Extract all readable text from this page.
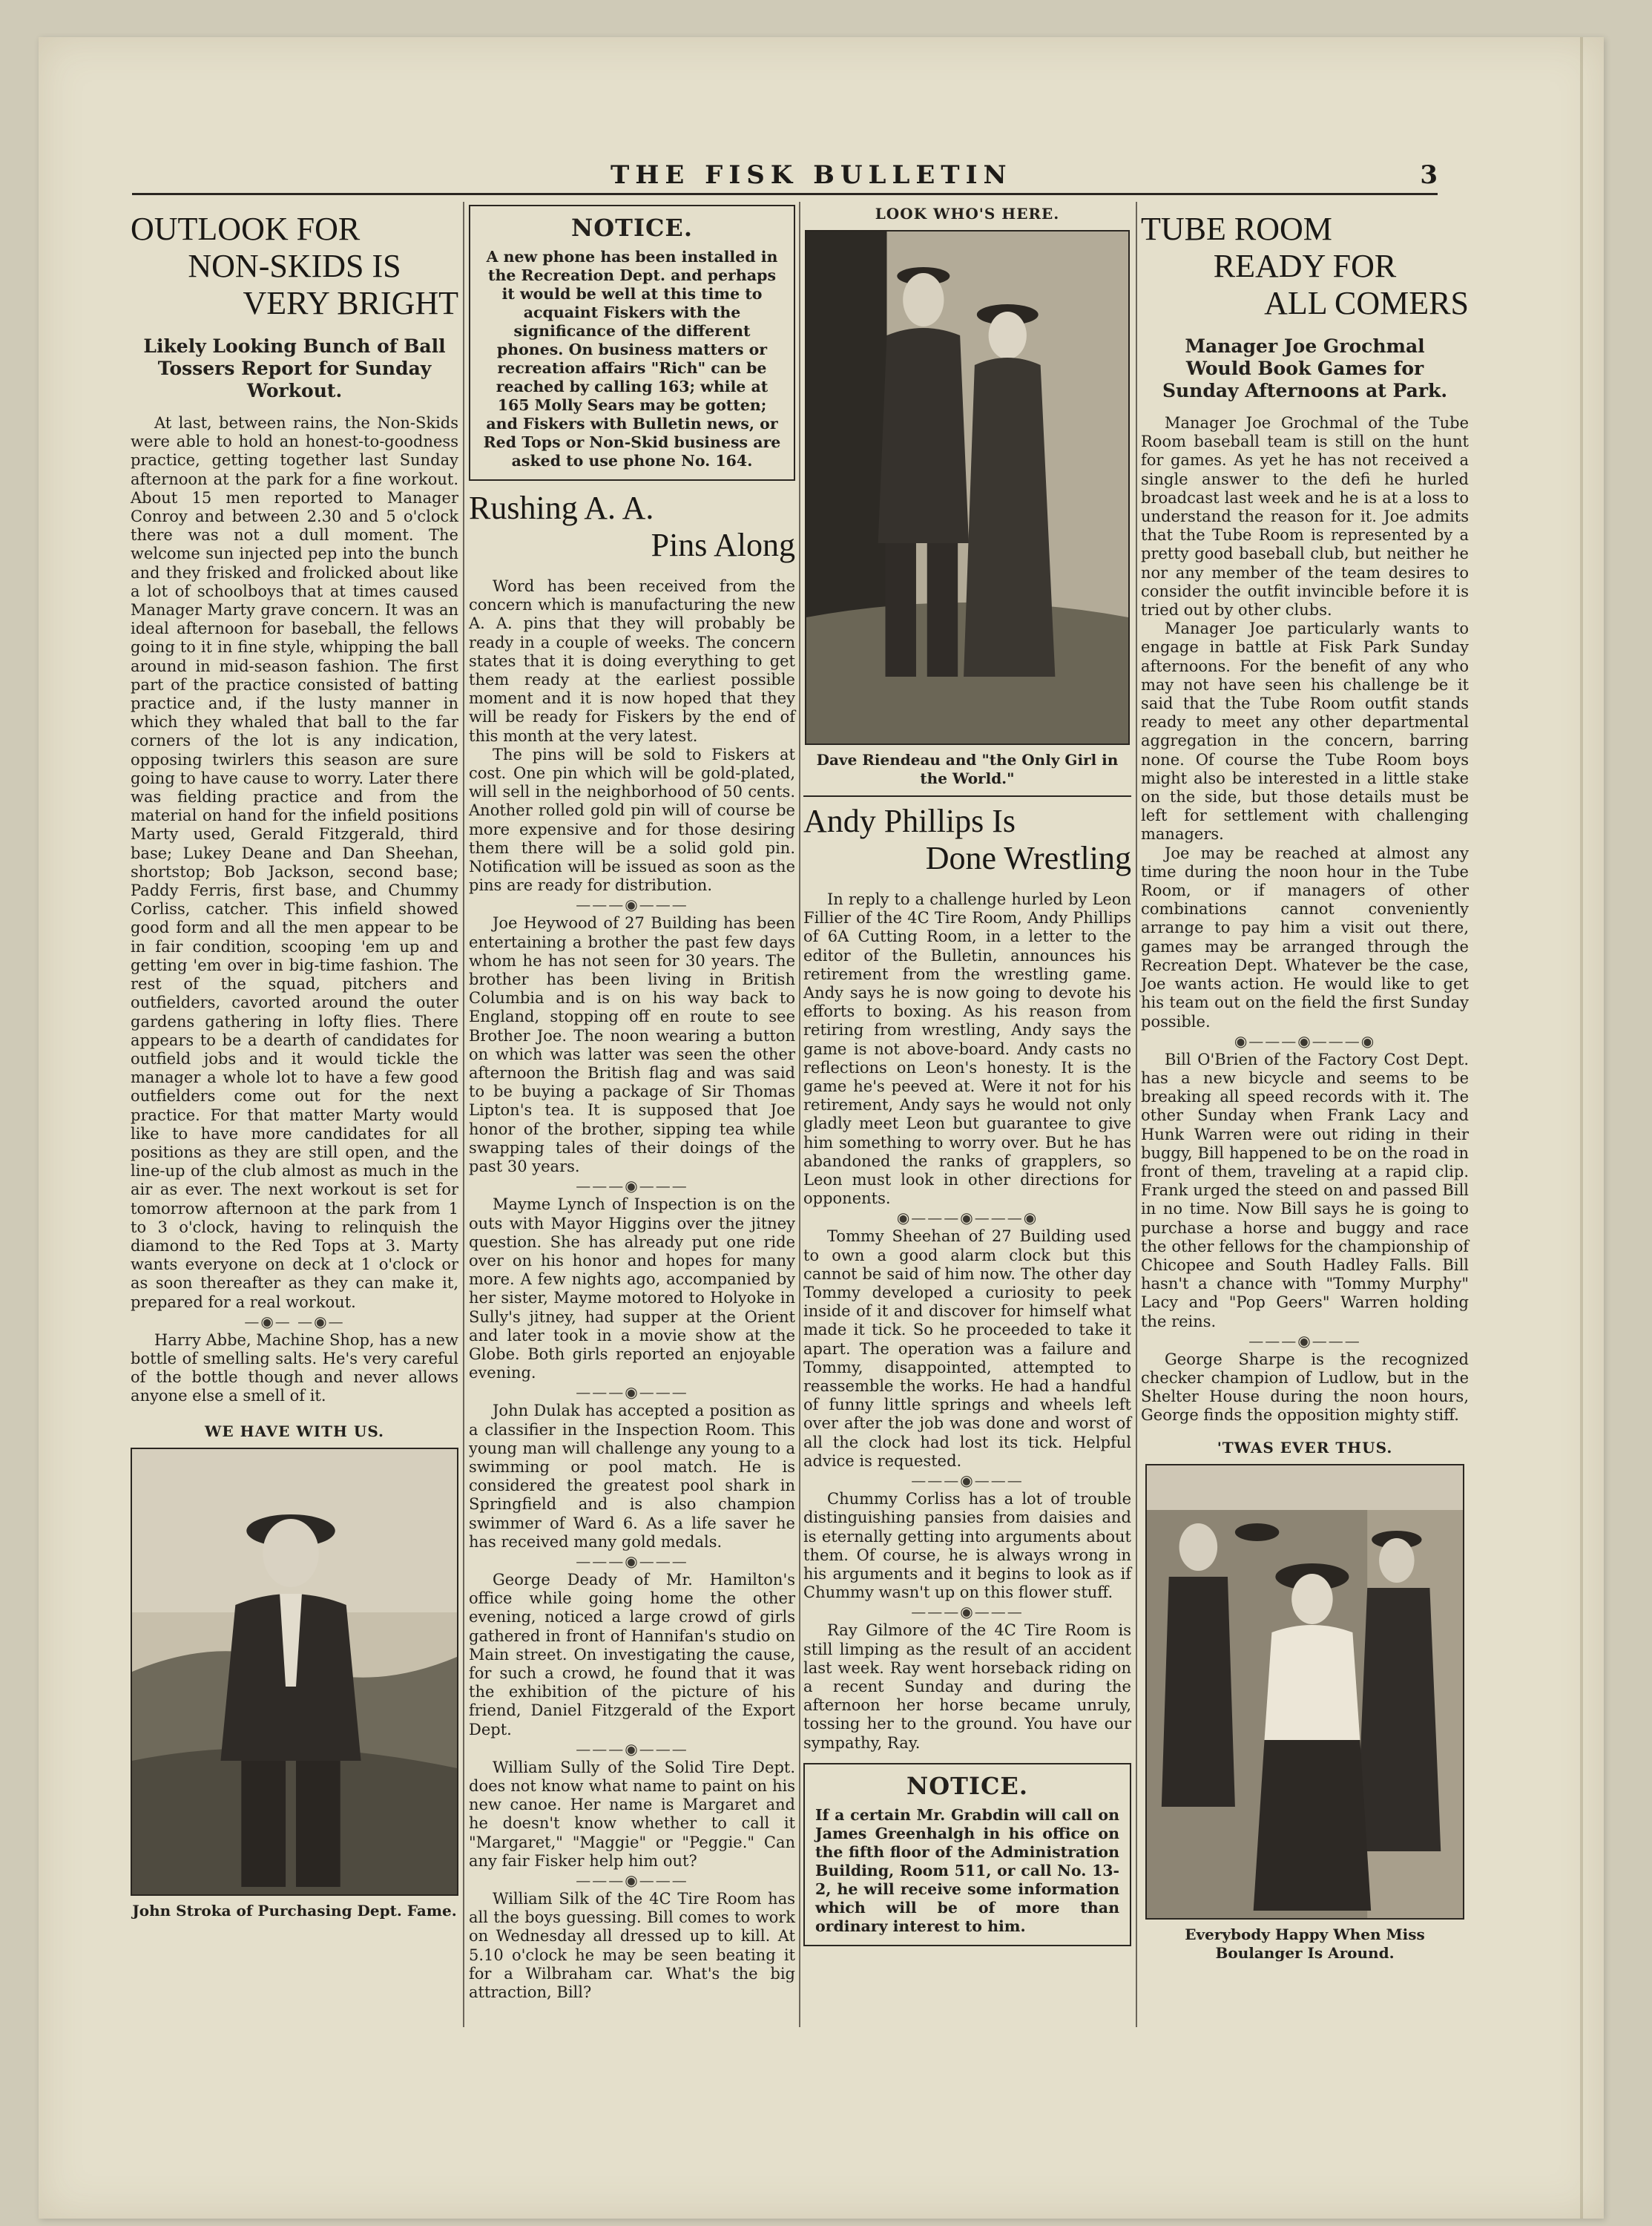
THE FISK BULLETIN	3
OUTLOOK FOR
NON-SKIDS IS
VERY BRIGHT
Likely Looking Bunch of Ball Tossers Report for Sunday Workout.

At last, between rains, the Non-Skids were able to hold an honest-to-goodness practice, getting together last Sunday afternoon at the park for a fine workout. About 15 men reported to Manager Conroy and between 2.30 and 5 o'clock there was not a dull moment. The welcome sun injected pep into the bunch and they frisked and frolicked about like a lot of schoolboys that at times caused Manager Marty grave concern. It was an ideal afternoon for baseball, the fellows going to it in fine style, whipping the ball around in mid-season fashion. The first part of the practice consisted of batting practice and, if the lusty manner in which they whaled that ball to the far corners of the lot is any indication, opposing twirlers this season are sure going to have cause to worry. Later there was fielding practice and from the material on hand for the infield positions Marty used, Gerald Fitzgerald, third base; Lukey Deane and Dan Sheehan, shortstop; Bob Jackson, second base; Paddy Ferris, first base, and Chummy Corliss, catcher. This infield showed good form and all the men appear to be in fair condition, scooping 'em up and getting 'em over in big-time fashion. The rest of the squad, pitchers and outfielders, cavorted around the outer gardens gathering in lofty flies. There appears to be a dearth of candidates for outfield jobs and it would tickle the manager a whole lot to have a few good outfielders come out for the next practice. For that matter Marty would like to have more candidates for all positions as they are still open, and the line-up of the club almost as much in the air as ever. The next workout is set for tomorrow afternoon at the park from 1 to 3 o'clock, having to relinquish the diamond to the Red Tops at 3. Marty wants everyone on deck at 1 o'clock or as soon thereafter as they can make it, prepared for a real workout.

—◉— —◉—

Harry Abbe, Machine Shop, has a new bottle of smelling salts. He's very careful of the bottle though and never allows anyone else a smell of it.

WE HAVE WITH US.
John Stroka of Purchasing Dept. Fame.
NOTICE.
A new phone has been installed in the Recreation Dept. and perhaps it would be well at this time to acquaint Fiskers with the significance of the different phones. On business matters or recreation affairs "Rich" can be reached by calling 163; while at 165 Molly Sears may be gotten; and Fiskers with Bulletin news, or Red Tops or Non-Skid business are asked to use phone No. 164.
Rushing A. A.
Pins Along

Word has been received from the concern which is manufacturing the new A. A. pins that they will probably be ready in a couple of weeks. The concern states that it is doing everything to get them ready at the earliest possible moment and it is now hoped that they will be ready for Fiskers by the end of this month at the very latest.

The pins will be sold to Fiskers at cost. One pin which will be gold-plated, will sell in the neighborhood of 50 cents. Another rolled gold pin will of course be more expensive and for those desiring them there will be a solid gold pin. Notification will be issued as soon as the pins are ready for distribution.

———◉———

Joe Heywood of 27 Building has been entertaining a brother the past few days whom he has not seen for 30 years. The brother has been living in British Columbia and is on his way back to England, stopping off en route to see Brother Joe. The noon wearing a button on which was latter was seen the other afternoon the British flag and was said to be buying a package of Sir Thomas Lipton's tea. It is supposed that Joe honor of the brother, sipping tea while swapping tales of their doings of the past 30 years.

———◉———

Mayme Lynch of Inspection is on the outs with Mayor Higgins over the jitney question. She has already put one ride over on his honor and hopes for many more. A few nights ago, accompanied by her sister, Mayme motored to Holyoke in Sully's jitney, had supper at the Orient and later took in a movie show at the Globe. Both girls reported an enjoyable evening.

———◉———

John Dulak has accepted a position as a classifier in the Inspection Room. This young man will challenge any young to a swimming or pool match. He is considered the greatest pool shark in Springfield and is also champion swimmer of Ward 6. As a life saver he has received many gold medals.

———◉———

George Deady of Mr. Hamilton's office while going home the other evening, noticed a large crowd of girls gathered in front of Hannifan's studio on Main street. On investigating the cause, for such a crowd, he found that it was the exhibition of the picture of his friend, Daniel Fitzgerald of the Export Dept.

———◉———

William Sully of the Solid Tire Dept. does not know what name to paint on his new canoe. Her name is Margaret and he doesn't know whether to call it "Margaret," "Maggie" or "Peggie." Can any fair Fisker help him out?

———◉———

William Silk of the 4C Tire Room has all the boys guessing. Bill comes to work on Wednesday all dressed up to kill. At 5.10 o'clock he may be seen beating it for a Wilbraham car. What's the big attraction, Bill?

LOOK WHO'S HERE.
Dave Riendeau and "the Only Girl in the World."
Andy Phillips Is
Done Wrestling

In reply to a challenge hurled by Leon Fillier of the 4C Tire Room, Andy Phillips of 6A Cutting Room, in a letter to the editor of the Bulletin, announces his retirement from the wrestling game. Andy says he is now going to devote his efforts to boxing. As his reason from retiring from wrestling, Andy says the game is not above-board. Andy casts no reflections on Leon's honesty. It is the game he's peeved at. Were it not for his retirement, Andy says he would not only gladly meet Leon but guarantee to give him something to worry over. But he has abandoned the ranks of grapplers, so Leon must look in other directions for opponents.

◉———◉———◉

Tommy Sheehan of 27 Building used to own a good alarm clock but this cannot be said of him now. The other day Tommy developed a curiosity to peek inside of it and discover for himself what made it tick. So he proceeded to take it apart. The operation was a failure and Tommy, disappointed, attempted to reassemble the works. He had a handful of funny little springs and wheels left over after the job was done and worst of all the clock had lost its tick. Helpful advice is requested.

———◉———

Chummy Corliss has a lot of trouble distinguishing pansies from daisies and is eternally getting into arguments about them. Of course, he is always wrong in his arguments and it begins to look as if Chummy wasn't up on this flower stuff.

———◉———

Ray Gilmore of the 4C Tire Room is still limping as the result of an accident last week. Ray went horseback riding on a recent Sunday and during the afternoon her horse became unruly, tossing her to the ground. You have our sympathy, Ray.

NOTICE.
If a certain Mr. Grabdin will call on James Greenhalgh in his office on the fifth floor of the Administration Building, Room 511, or call No. 13-2, he will receive some information which will be of more than ordinary interest to him.
TUBE ROOM
READY FOR
ALL COMERS
Manager Joe Grochmal Would Book Games for Sunday Afternoons at Park.

Manager Joe Grochmal of the Tube Room baseball team is still on the hunt for games. As yet he has not received a single answer to the defi he hurled broadcast last week and he is at a loss to understand the reason for it. Joe admits that the Tube Room is represented by a pretty good baseball club, but neither he nor any member of the team desires to consider the outfit invincible before it is tried out by other clubs.

Manager Joe particularly wants to engage in battle at Fisk Park Sunday afternoons. For the benefit of any who may not have seen his challenge be it said that the Tube Room outfit stands ready to meet any other departmental aggregation in the concern, barring none. Of course the Tube Room boys might also be interested in a little stake on the side, but those details must be left for settlement with challenging managers.

Joe may be reached at almost any time during the noon hour in the Tube Room, or if managers of other combinations cannot conveniently arrange to pay him a visit out there, games may be arranged through the Recreation Dept. Whatever be the case, Joe wants action. He would like to get his team out on the field the first Sunday possible.

◉———◉———◉

Bill O'Brien of the Factory Cost Dept. has a new bicycle and seems to be breaking all speed records with it. The other Sunday when Frank Lacy and Hunk Warren were out riding in their buggy, Bill happened to be on the road in front of them, traveling at a rapid clip. Frank urged the steed on and passed Bill in no time. Now Bill says he is going to purchase a horse and buggy and race the other fellows for the championship of Chicopee and South Hadley Falls. Bill hasn't a chance with "Tommy Murphy" Lacy and "Pop Geers" Warren holding the reins.

———◉———

George Sharpe is the recognized checker champion of Ludlow, but in the Shelter House during the noon hours, George finds the opposition mighty stiff.

'TWAS EVER THUS.
Everybody Happy When Miss Boulanger Is Around.
